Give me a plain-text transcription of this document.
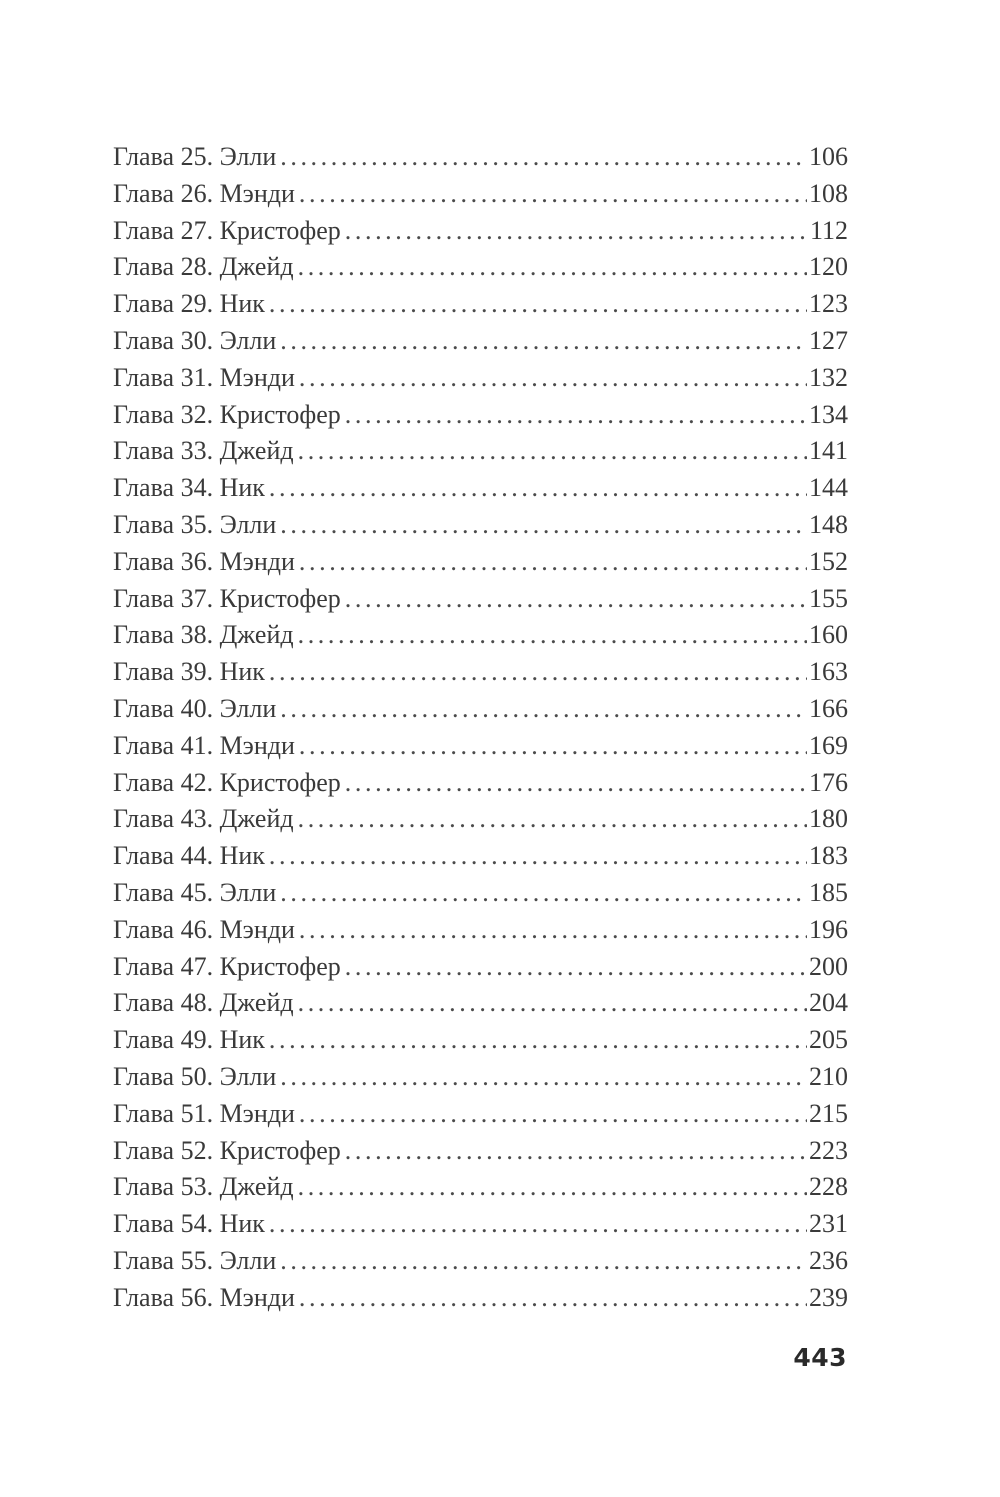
Глава 25. Элли .....	106
Глава 26. Мэнди .....	108
Глава 27. Кристофер .....	112
Глава 28. Джейд .....	120
Глава 29. Ник .....	123
Глава 30. Элли .....	127
Глава 31. Мэнди .....	132
Глава 32. Кристофер .....	134
Глава 33. Джейд .....	141
Глава 34. Ник .....	144
Глава 35. Элли .....	148
Глава 36. Мэнди .....	152
Глава 37. Кристофер .....	155
Глава 38. Джейд .....	160
Глава 39. Ник .....	163
Глава 40. Элли .....	166
Глава 41. Мэнди .....	169
Глава 42. Кристофер .....	176
Глава 43. Джейд .....	180
Глава 44. Ник .....	183
Глава 45. Элли .....	185
Глава 46. Мэнди .....	196
Глава 47. Кристофер .....	200
Глава 48. Джейд .....	204
Глава 49. Ник .....	205
Глава 50. Элли .....	210
Глава 51. Мэнди .....	215
Глава 52. Кристофер .....	223
Глава 53. Джейд .....	228
Глава 54. Ник .....	231
Глава 55. Элли .....	236
Глава 56. Мэнди .....	239
443
